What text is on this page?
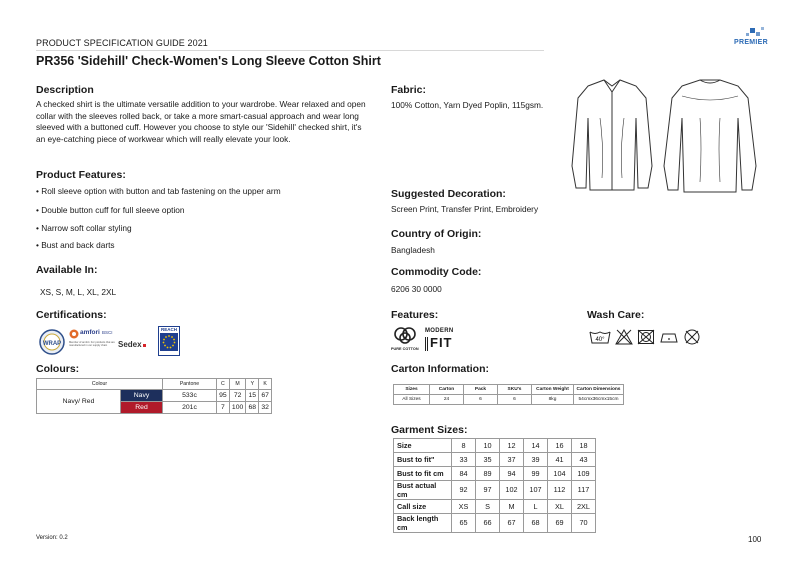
PRODUCT SPECIFICATION GUIDE 2021
PR356 'Sidehill' Check-Women's Long Sleeve Cotton Shirt
PREMIER
Description
A checked shirt is the ultimate versatile addition to your wardrobe. Wear relaxed and open collar with the sleeves rolled back, or take a more smart-casual approach and wear long sleeved with a buttoned cuff. However you choose to style our 'Sidehill' checked shirt, it's an eye-catching piece of workwear which will really elevate your look.
Product Features:
• Roll sleeve option with button and tab fastening on the upper arm
• Double button cuff for full sleeve option
• Narrow soft collar styling
• Bust and back darts
Available In:
XS, S, M, L, XL, 2XL
Certifications:
WRAP
amfori BSCI
Member of amfori. For products that are manufactured in our supply chain	Sedex
REACH
Colours:
Colour		Pantone	C	M	Y	K
Navy/ Red	Navy	533c	95	72	15	67
	Red	201c	7	100	68	32
Fabric:
100% Cotton, Yarn Dyed Poplin, 115gsm.
Suggested Decoration:
Screen Print, Transfer Print, Embroidery
Country of Origin:
Bangladesh
Commodity Code:
6206 30 0000
Features:
PURE COTTON
MODERN
FIT
Wash Care:
40°
Carton Information:
Sizes	Carton	Pack	SKU's	Carton Weight	Carton Dimensions
All Sizes	24	6	6	8kg	54cmx36cmx15cm
Garment Sizes:
Size	8	10	12	14	16	18
Bust to fit"	33	35	37	39	41	43
Bust to fit cm	84	89	94	99	104	109
Bust actual cm	92	97	102	107	112	117
Call size	XS	S	M	L	XL	2XL
Back length cm	65	66	67	68	69	70
Version: 0.2	100
